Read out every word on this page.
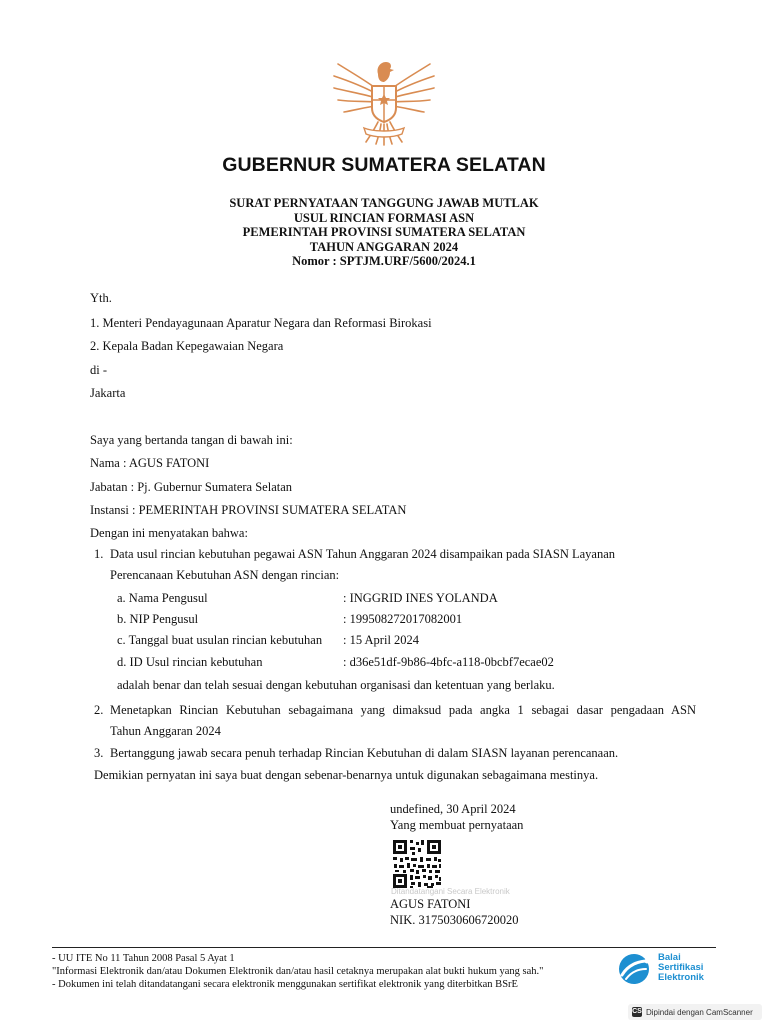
GUBERNUR SUMATERA SELATAN
SURAT PERNYATAAN TANGGUNG JAWAB MUTLAK
USUL RINCIAN FORMASI ASN
PEMERINTAH PROVINSI SUMATERA SELATAN
TAHUN ANGGARAN 2024
Nomor : SPTJM.URF/5600/2024.1
Yth.
1. Menteri Pendayagunaan Aparatur Negara dan Reformasi Birokasi
2. Kepala Badan Kepegawaian Negara
di -
Jakarta
Saya yang bertanda tangan di bawah ini:
Nama : AGUS FATONI
Jabatan : Pj. Gubernur Sumatera Selatan
Instansi : PEMERINTAH PROVINSI SUMATERA SELATAN
Dengan ini menyatakan bahwa:
1. Data usul rincian kebutuhan pegawai ASN Tahun Anggaran 2024 disampaikan pada SIASN Layanan
Perencanaan Kebutuhan ASN dengan rincian:
a. Nama Pengusul	: INGGRID INES YOLANDA
b. NIP Pengusul	: 199508272017082001
c. Tanggal buat usulan rincian kebutuhan : 15 April 2024
d. ID Usul rincian kebutuhan	: d36e51df-9b86-4bfc-a118-0bcbf7ecae02
adalah benar dan telah sesuai dengan kebutuhan organisasi dan ketentuan yang berlaku.
2. Menetapkan Rincian Kebutuhan sebagaimana yang dimaksud pada angka 1 sebagai dasar pengadaan ASN
Tahun Anggaran 2024
3. Bertanggung jawab secara penuh terhadap Rincian Kebutuhan di dalam SIASN layanan perencanaan.
Demikian pernyatan ini saya buat dengan sebenar-benarnya untuk digunakan sebagaimana mestinya.
undefined, 30 April 2024
Yang membuat pernyataan
Ditandatangani Secara Elektronik
AGUS FATONI
NIK. 3175030606720020
- UU ITE No 11 Tahun 2008 Pasal 5 Ayat 1
"Informasi Elektronik dan/atau Dokumen Elektronik dan/atau hasil cetaknya merupakan alat bukti hukum yang sah."
- Dokumen ini telah ditandatangani secara elektronik menggunakan sertifikat elektronik yang diterbitkan BSrE
Balai
Sertifikasi
Elektronik
CS Dipindai dengan CamScanner
